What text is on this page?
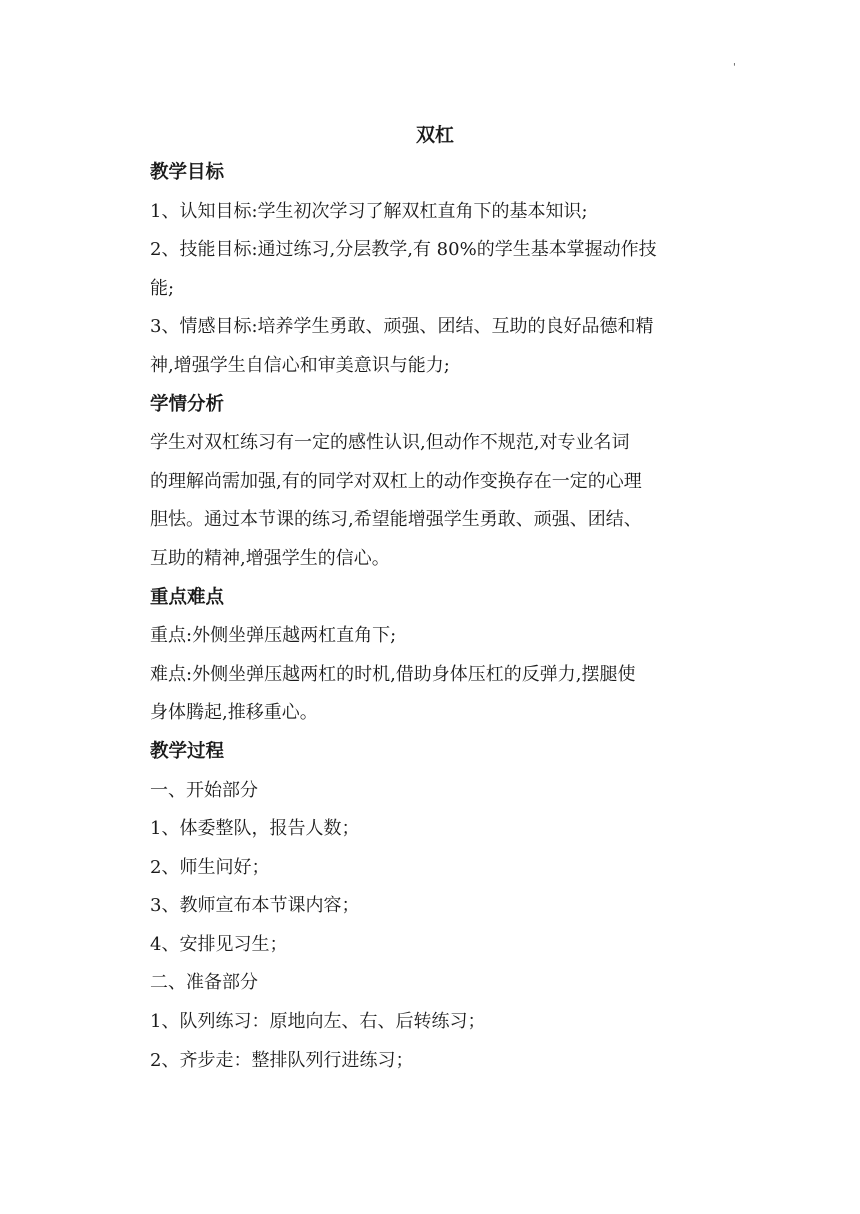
'
双杠
教学目标
1、认知目标:学生初次学习了解双杠直角下的基本知识;
2、技能目标:通过练习,分层教学,有 80%的学生基本掌握动作技
能;
3、情感目标:培养学生勇敢、顽强、团结、互助的良好品德和精
神,增强学生自信心和审美意识与能力;
学情分析
学生对双杠练习有一定的感性认识,但动作不规范,对专业名词
的理解尚需加强,有的同学对双杠上的动作变换存在一定的心理
胆怯。通过本节课的练习,希望能增强学生勇敢、顽强、团结、
互助的精神,增强学生的信心。
重点难点
重点:外侧坐弹压越两杠直角下;
难点:外侧坐弹压越两杠的时机,借助身体压杠的反弹力,摆腿使
身体腾起,推移重心。
教学过程
一、开始部分
1、体委整队，报告人数；
2、师生问好；
3、教师宣布本节课内容；
4、安排见习生；
二、准备部分
1、队列练习：原地向左、右、后转练习；
2、齐步走：整排队列行进练习；
